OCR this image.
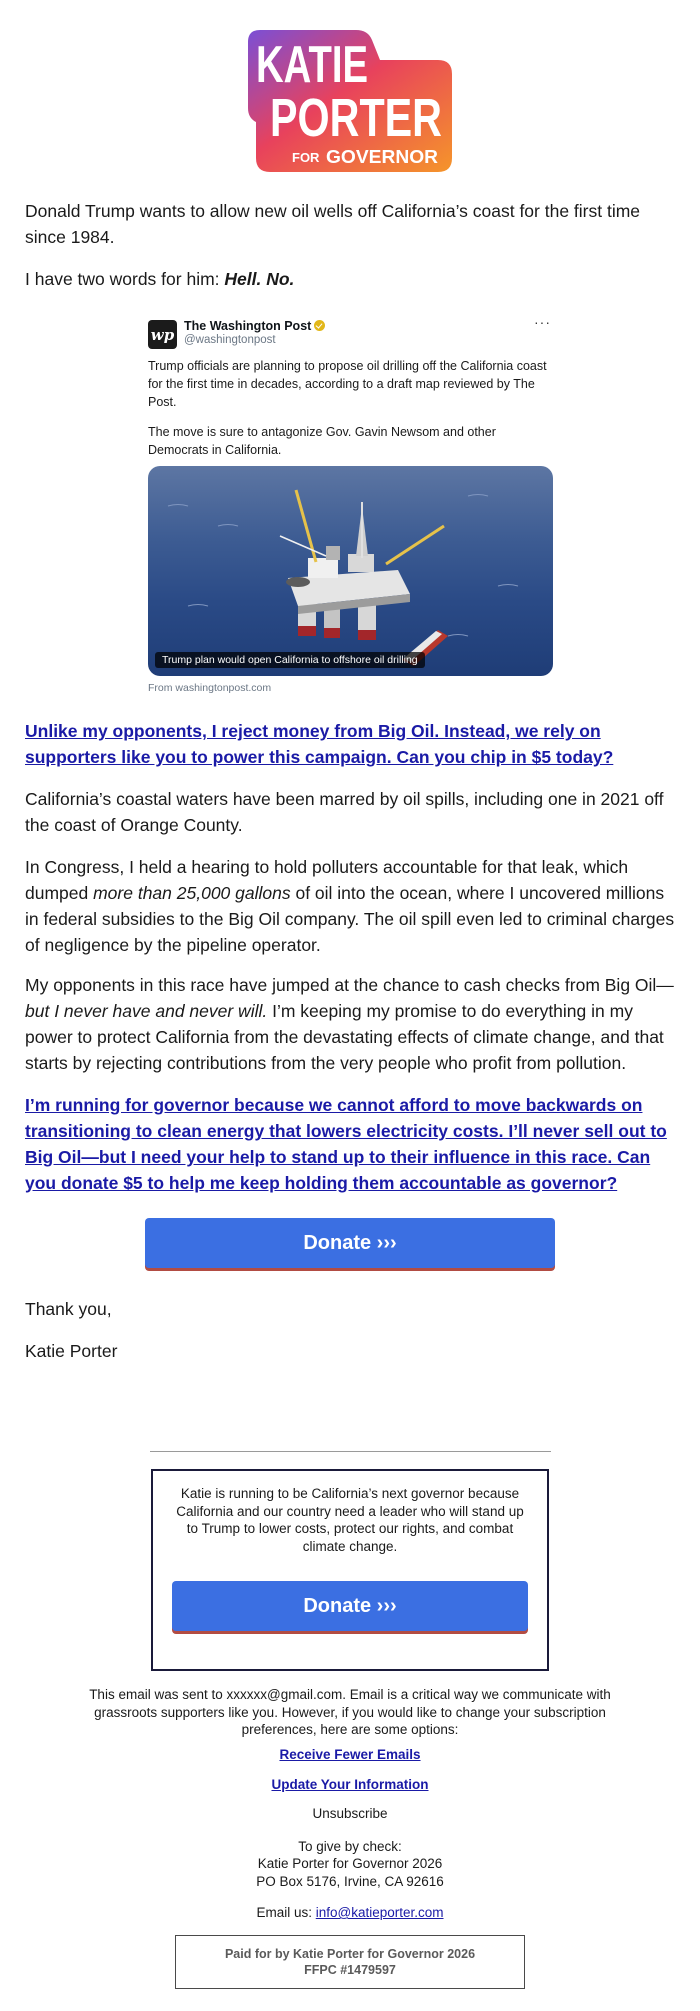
KATIE
PORTER
FOR GOVERNOR

Donald Trump wants to allow new oil wells off California’s coast for the first time since 1984.

I have two words for him: Hell. No.

wp The Washington Post
@washingtonpost
···

Trump officials are planning to propose oil drilling off the California coast for the first time in decades, according to a draft map reviewed by The Post.

The move is sure to antagonize Gov. Gavin Newsom and other Democrats in California.

Trump plan would open California to offshore oil drilling
From washingtonpost.com

Unlike my opponents, I reject money from Big Oil. Instead, we rely on supporters like you to power this campaign. Can you chip in $5 today?

California’s coastal waters have been marred by oil spills, including one in 2021 off the coast of Orange County.

In Congress, I held a hearing to hold polluters accountable for that leak, which dumped more than 25,000 gallons of oil into the ocean, where I uncovered millions in federal subsidies to the Big Oil company. The oil spill even led to criminal charges of negligence by the pipeline operator.

My opponents in this race have jumped at the chance to cash checks from Big Oil—but I never have and never will. I’m keeping my promise to do everything in my power to protect California from the devastating effects of climate change, and that starts by rejecting contributions from the very people who profit from pollution.

I’m running for governor because we cannot afford to move backwards on transitioning to clean energy that lowers electricity costs. I’ll never sell out to Big Oil—but I need your help to stand up to their influence in this race. Can you donate $5 to help me keep holding them accountable as governor?

Donate ›››

Thank you,

Katie Porter

Katie is running to be California’s next governor because California and our country need a leader who will stand up to Trump to lower costs, protect our rights, and combat climate change.

Donate ›››

This email was sent to xxxxxx@gmail.com. Email is a critical way we communicate with grassroots supporters like you. However, if you would like to change your subscription preferences, here are some options:

Receive Fewer Emails

Update Your Information

Unsubscribe

To give by check:

Katie Porter for Governor 2026

PO Box 5176, Irvine, CA 92616

Email us: info@katieporter.com

Paid for by Katie Porter for Governor 2026
FFPC #1479597
